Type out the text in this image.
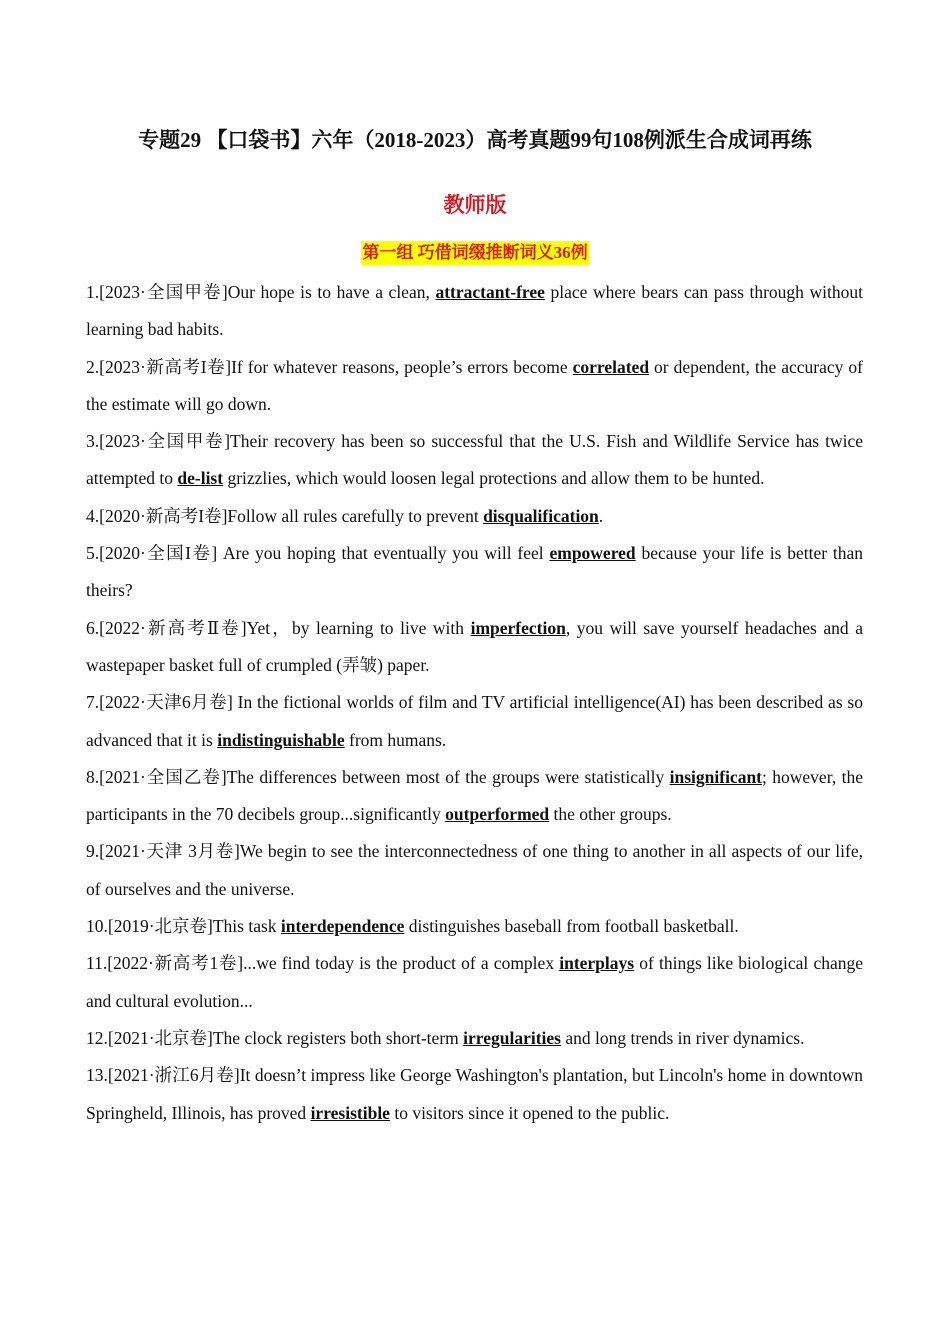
专题29 【口袋书】六年（2018-2023）高考真题99句108例派生合成词再练
教师版
第一组 巧借词缀推断词义36例

1.[2023·全国甲卷]Our hope is to have a clean, attractant-free place where bears can pass through without learning bad habits.

2.[2023·新高考I卷]If for whatever reasons, people’s errors become correlated or dependent, the accuracy of the estimate will go down.

3.[2023·全国甲卷]Their recovery has been so successful that the U.S. Fish and Wildlife Service has twice attempted to de-list grizzlies, which would loosen legal protections and allow them to be hunted.

4.[2020·新高考I卷]Follow all rules carefully to prevent disqualification.

5.[2020·全国I卷] Are you hoping that eventually you will feel empowered because your life is better than theirs?

6.[2022·新高考Ⅱ卷]Yet，by learning to live with imperfection, you will save yourself headaches and a wastepaper basket full of crumpled (弄皱) paper.

7.[2022·天津6月卷] In the fictional worlds of film and TV artificial intelligence(AI) has been described as so advanced that it is indistinguishable from humans.

8.[2021·全国乙卷]The differences between most of the groups were statistically insignificant; however, the participants in the 70 decibels group...significantly outperformed the other groups.

9.[2021·天津 3月卷]We begin to see the interconnectedness of one thing to another in all aspects of our life, of ourselves and the universe.

10.[2019·北京卷]This task interdependence distinguishes baseball from football basketball.

11.[2022·新高考1卷]...we find today is the product of a complex interplays of things like biological change and cultural evolution...

12.[2021·北京卷]The clock registers both short-term irregularities and long trends in river dynamics.

13.[2021·浙江6月卷]It doesn’t impress like George Washington's plantation, but Lincoln's home in downtown Springheld, Illinois, has proved irresistible to visitors since it opened to the public.
